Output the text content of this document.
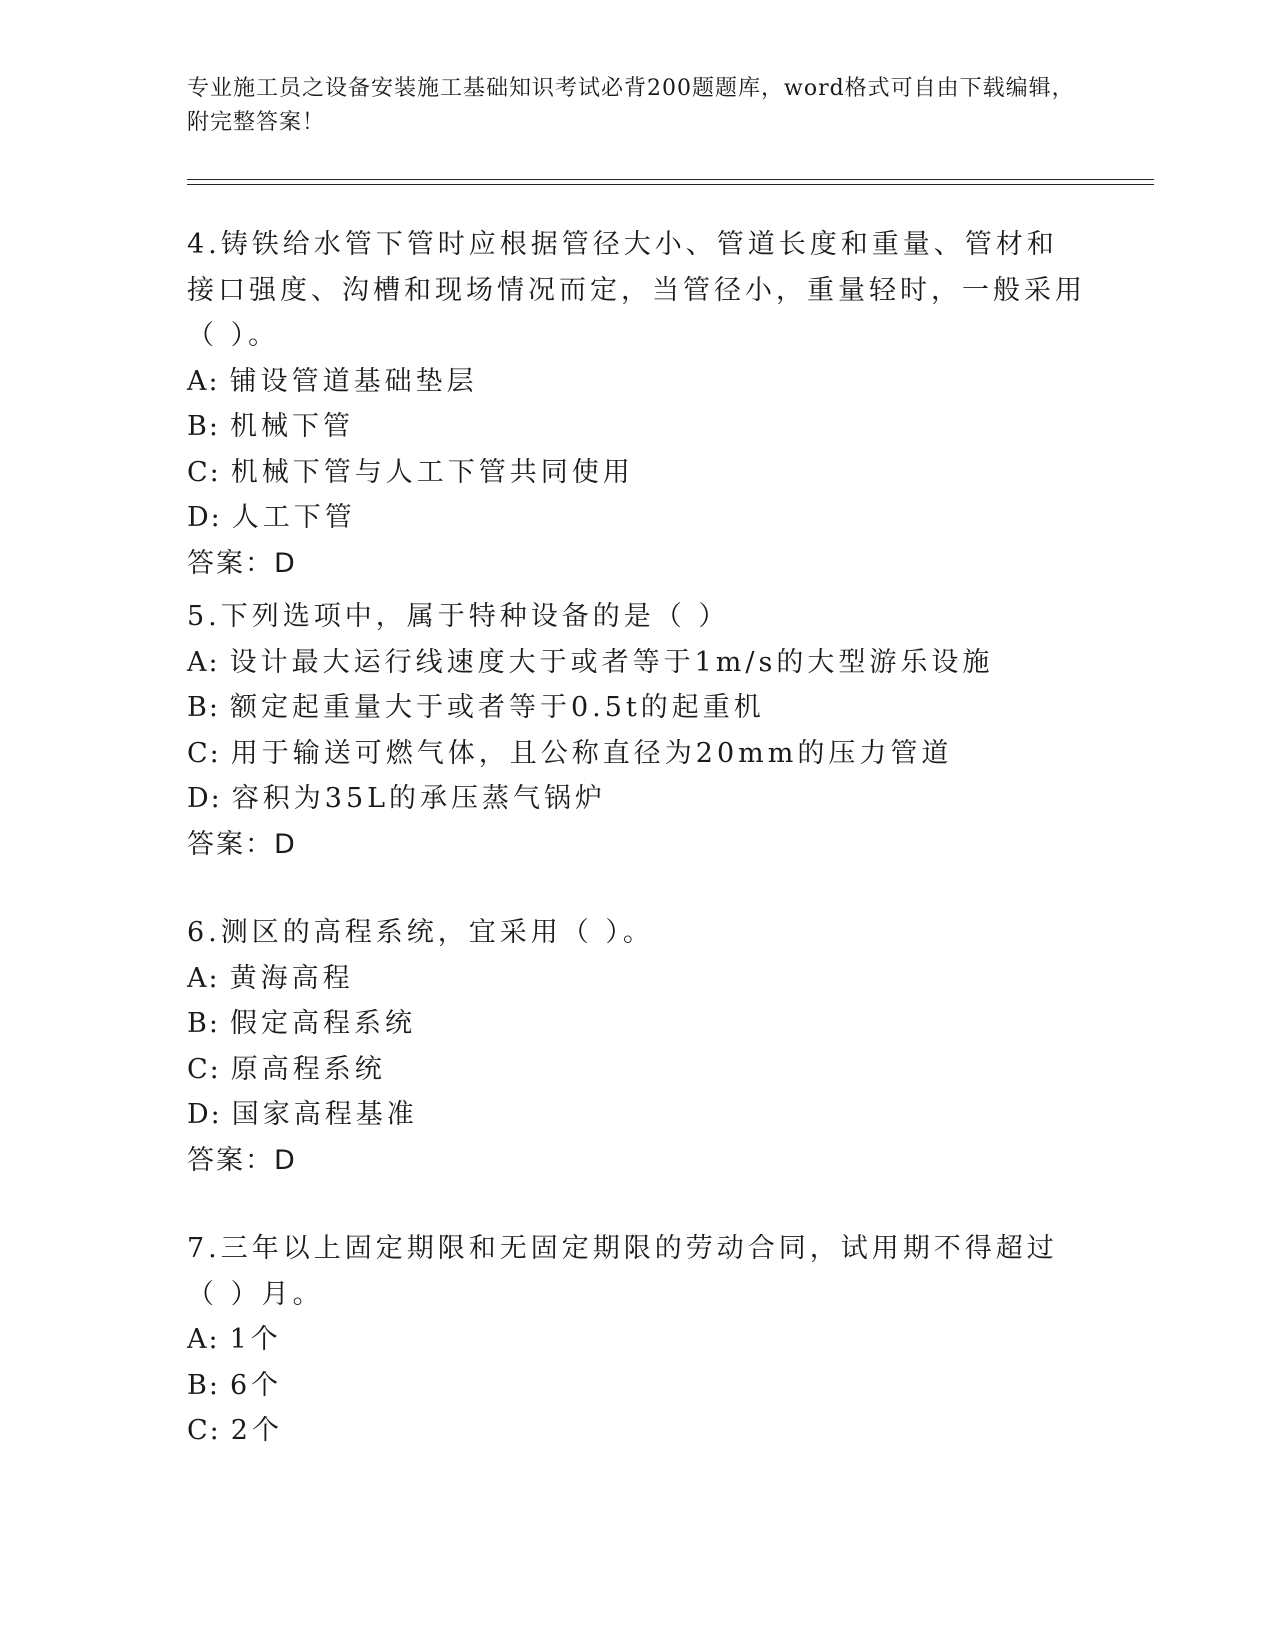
专业施工员之设备安装施工基础知识考试必背200题题库，word格式可自由下载编辑，附完整答案！

4.铸铁给水管下管时应根据管径大小、管道长度和重量、管材和接口强度、沟槽和现场情况而定，当管径小，重量轻时，一般采用（ ）。

A: 铺设管道基础垫层

B: 机械下管

C: 机械下管与人工下管共同使用

D: 人工下管

答案：D

5.下列选项中，属于特种设备的是（ ）

A: 设计最大运行线速度大于或者等于1m/s的大型游乐设施

B: 额定起重量大于或者等于0.5t的起重机

C: 用于输送可燃气体，且公称直径为20mm的压力管道

D: 容积为35L的承压蒸气锅炉

答案：D

6.测区的高程系统，宜采用（ ）。

A: 黄海高程

B: 假定高程系统

C: 原高程系统

D: 国家高程基准

答案：D

7.三年以上固定期限和无固定期限的劳动合同，试用期不得超过（ ）月。

A: 1个

B: 6个

C: 2个
